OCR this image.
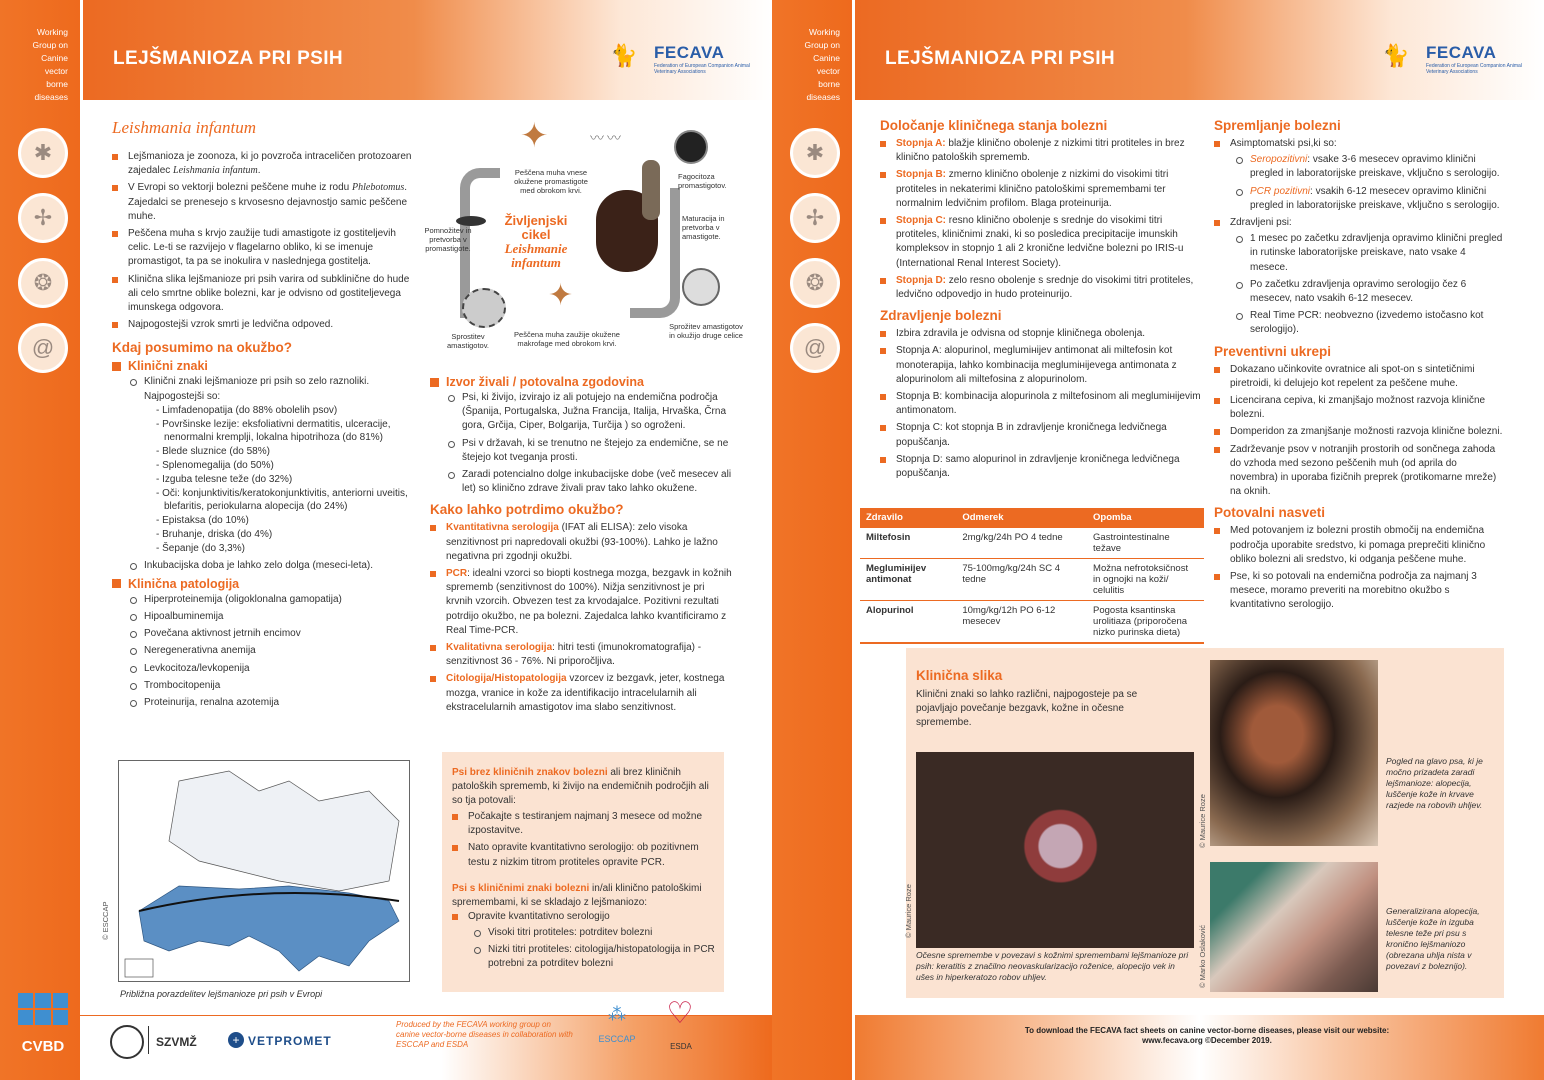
Working
Group on
Canine
vector
borne
diseases
✱
✢
❂
@
CVBD
LEJŠMANIOZA PRI PSIH	🐈 FECAVA
Federation of European Companion Animal Veterinary Associations
Leishmania infantum
Lejšmanioza je zoonoza, ki jo povzroča intraceličen protozoaren zajedalec Leishmania infantum.
V Evropi so vektorji bolezni peščene muhe iz rodu Phlebotomus. Zajedalci se prenesejo s krvosesno dejavnostjo samic peščene muhe.
Peščena muha s krvjo zaužije tudi amastigote iz gostiteljevih celic. Le-ti se razvijejo v flagelarno obliko, ki se imenuje promastigot, ta pa se inokulira v naslednjega gostitelja.
Klinična slika lejšmanioze pri psih varira od subklinične do hude ali celo smrtne oblike bolezni, kar je odvisno od gostiteljevega imunskega odgovora.
Najpogostejši vzrok smrti je ledvična odpoved.
Kdaj posumimo na okužbo?
Klinični znaki
Klinični znaki lejšmanioze pri psih so zelo raznoliki. Najpogostejši so:
- Limfadenopatija (do 88% obolelih psov)
- Površinske lezije: eksfoliativni dermatitis, ulceracije, nenormalni kremplji, lokalna hipotrihoza (do 81%)
- Blede sluznice (do 58%)
- Splenomegalija (do 50%)
- Izguba telesne teže (do 32%)
- Oči: konjunktivitis/keratokonjunktivitis, anteriorni uveitis, blefaritis, periokularna alopecija (do 24%)
- Epistaksa (do 10%)
- Bruhanje, driska (do 4%)
- Šepanje (do 3,3%)
Inkubacijska doba je lahko zelo dolga (meseci-leta).
Klinična patologija
Hiperproteinemija (oligoklonalna gamopatija)
Hipoalbuminemija
Povečana aktivnost jetrnih encimov
Neregenerativna anemija
Levkocitoza/levkopenija
Trombocitopenija
Proteinurija, renalna azotemija
✦	〰〰
✦
Življenjski
cikel
Leishmanie
infantum
Peščena muha vnese okužene promastigote med obrokom krvi.
Fagocitoza promastigotov.
Maturacija in pretvorba v amastigote.
Sprožitev amastigotov in okužijo druge celice
Peščena muha zaužije okužene makrofage med obrokom krvi.
Sprostitev amastigotov.
Pomnožitev in pretvorba v promastigote.
Izvor živali / potovalna zgodovina
Psi, ki živijo, izvirajo iz ali potujejo na endemična področja (Španija, Portugalska, Južna Francija, Italija, Hrvaška, Črna gora, Grčija, Ciper, Bolgarija, Turčija ) so ogroženi.
Psi v državah, ki se trenutno ne štejejo za endemične, se ne štejejo kot tveganja prosti.
Zaradi potencialno dolge inkubacijske dobe (več mesecev ali let) so klinično zdrave živali prav tako lahko okužene.
Kako lahko potrdimo okužbo?
Kvantitativna serologija (IFAT ali ELISA): zelo visoka senzitivnost pri napredovali okužbi (93-100%). Lahko je lažno negativna pri zgodnji okužbi.
PCR: idealni vzorci so biopti kostnega mozga, bezgavk in kožnih sprememb (senzitivnost do 100%). Nižja senzitivnost je pri krvnih vzorcih. Obvezen test za krvodajalce. Pozitivni rezultati potrdijo okužbo, ne pa bolezni. Zajedalca lahko kvantificiramo z Real Time-PCR.
Kvalitativna serologija: hitri testi (imunokromatografija) -senzitivnost 36 - 76%. Ni priporočljiva.
Citologija/Histopatologija vzorcev iz bezgavk, jeter, kostnega mozga, vranice in kože za identifikacijo intracelularnih ali ekstracelularnih amastigotov ima slabo senzitivnost.
© ESCCAP
Približna porazdelitev lejšmanioze pri psih v Evropi
Psi brez kliničnih znakov bolezni ali brez kliničnih patoloških sprememb, ki živijo na endemičnih področjih ali so tja potovali:
Počakajte s testiranjem najmanj 3 mesece od možne izpostavitve.
Nato opravite kvantitativno serologijo: ob pozitivnem testu z nizkim titrom protiteles opravite PCR.
Psi s kliničnimi znaki bolezni in/ali klinično patološkimi spremembami, ki se skladajo z lejšmaniozo:
Opravite kvantitativno serologijo
Visoki titri protiteles: potrditev bolezni
Nizki titri protiteles: citologija/histopatologija in PCR potrebni za potrditev bolezni
SZVMŽ	+ VETPROMET
Produced by the FECAVA working group on canine vector-borne diseases in collaboration with ESCCAP and ESDA
⁂
ESCCAP
♡
ESDA
Working
Group on
Canine
vector
borne
diseases
✱
✢
❂
@
LEJŠMANIOZA PRI PSIH	🐈 FECAVA
Federation of European Companion Animal Veterinary Associations
To download the FECAVA fact sheets on canine vector-borne diseases, please visit our website: www.fecava.org ©December 2019.
Določanje kliničnega stanja bolezni
Stopnja A: blažje klinično obolenje z nizkimi titri protiteles in brez klinično patoloških sprememb.
Stopnja B: zmerno klinično obolenje z nizkimi do visokimi titri protiteles in nekaterimi klinično patološkimi spremembami ter normalnim ledvičnim profilom. Blaga proteinurija.
Stopnja C: resno klinično obolenje s srednje do visokimi titri protiteles, kliničnimi znaki, ki so posledica precipitacije imunskih kompleksov in stopnjo 1 ali 2 kronične ledvične bolezni po IRIS-u (International Renal Interest Society).
Stopnja D: zelo resno obolenje s srednje do visokimi titri protiteles, ledvično odpovedjo in hudo proteinurijo.
Zdravljenje bolezni
Izbira zdravila je odvisna od stopnje kliničnega obolenja.
Stopnja A: alopurinol, meglumінijev antimonat ali miltefosin kot monoterapija, lahko kombinacija meglumінijevega antimonata z alopurinolom ali miltefosina z alopurinolom.
Stopnja B: kombinacija alopurinola z miltefosinom ali meglumінijevim antimonatom.
Stopnja C: kot stopnja B in zdravljenje kroničnega ledvičnega popuščanja.
Stopnja D: samo alopurinol in zdravljenje kroničnega ledvičnega popuščanja.
Zdravilo	Odmerek	Opomba
Miltefosin	2mg/kg/24h PO 4 tedne	Gastrointestinalne težave
Meglumінijev antimonat	75-100mg/kg/24h SC 4 tedne	Možna nefrotoksičnost in ognojki na koži/ celulitis
Alopurinol	10mg/kg/12h PO 6-12 mesecev	Pogosta ksantinska urolitiaza (priporočena nizko purinska dieta)
Spremljanje bolezni
Asimptomatski psi,ki so:
Seropozitivni: vsake 3-6 mesecev opravimo klinični pregled in laboratorijske preiskave, vključno s serologijo.
PCR pozitivni: vsakih 6-12 mesecev opravimo klinični pregled in laboratorijske preiskave, vključno s serologijo.
Zdravljeni psi:
1 mesec po začetku zdravljenja opravimo klinični pregled in rutinske laboratorijske preiskave, nato vsake 4 mesece.
Po začetku zdravljenja opravimo serologijo čez 6 mesecev, nato vsakih 6-12 mesecev.
Real Time PCR: neobvezno (izvedemo istočasno kot serologijo).
Preventivni ukrepi
Dokazano učinkovite ovratnice ali spot-on s sintetičnimi piretroidi, ki delujejo kot repelent za peščene muhe.
Licencirana cepiva, ki zmanjšajo možnost razvoja klinične bolezni.
Domperidon za zmanjšanje možnosti razvoja klinične bolezni.
Zadrževanje psov v notranjih prostorih od sončnega zahoda do vzhoda med sezono peščenih muh (od aprila do novembra) in uporaba fizičnih preprek (protikomarne mreže) na oknih.
Potovalni nasveti
Med potovanjem iz bolezni prostih območij na endemična področja uporabite sredstvo, ki pomaga preprečiti klinično obliko bolezni ali sredstvo, ki odganja peščene muhe.
Pse, ki so potovali na endemična področja za najmanj 3 mesece, moramo preveriti na morebitno okužbo s kvantitativno serologijo.
Klinična slika
Klinični znaki so lahko različni, najpogosteje pa se pojavljajo povečanje bezgavk, kožne in očesne spremembe.
© Maurice Roze
Očesne spremembe v povezavi s kožnimi spremembami lejšmanioze pri psih: keratitis z značilno neovaskularizacijo roženice, alopecijo vek in ušes in hiperkeratozo robov uhljev.
© Maurice Roze
Pogled na glavo psa, ki je močno prizadeta zaradi lejšmanioze: alopecija, luščenje kože in krvave razjede na robovih uhljev.
© Marko Oslaković
Generalizirana alopecija, luščenje kože in izguba telesne teže pri psu s kronično lejšmaniozo (obrezana uhlja nista v povezavi z boleznijo).
